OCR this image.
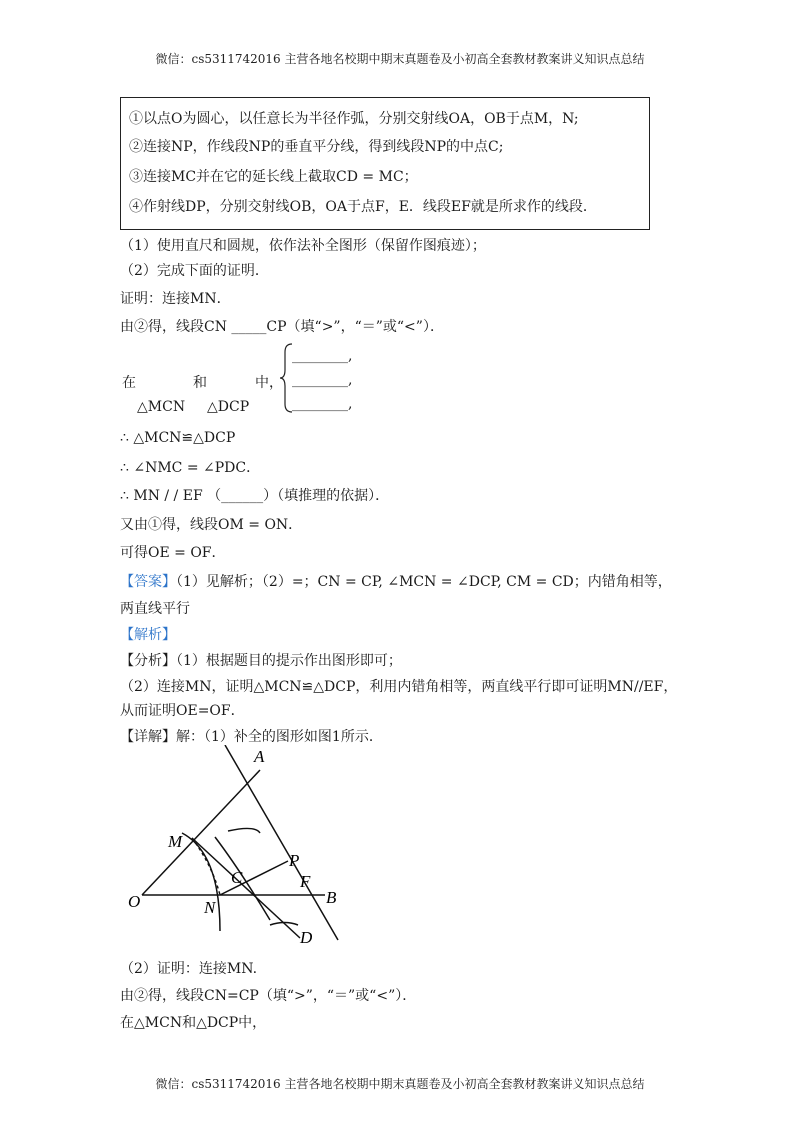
微信：cs5311742016 主营各地名校期中期末真题卷及小初高全套教材教案讲义知识点总结
①以点O为圆心，以任意长为半径作弧，分别交射线OA，OB于点M，N;
②连接NP，作线段NP的垂直平分线，得到线段NP的中点C;
③连接MC并在它的延长线上截取CD = MC；
④作射线DP，分别交射线OB，OA于点F，E．线段EF就是所求作的线段．
（1）使用直尺和圆规，依作法补全图形（保留作图痕迹）；
（2）完成下面的证明．
证明：连接MN．
由②得，线段CN _____CP（填“>”，“＝”或“<”）．
在	和	中，
△MCN △DCP
________,
________,
________,
∴ △MCN≌△DCP
∴ ∠NMC = ∠PDC．
∴ MN / / EF （______）（填推理的依据）．
又由①得，线段OM = ON．
可得OE = OF．
【答案】（1）见解析；（2）=；CN = CP, ∠MCN = ∠DCP, CM = CD；内错角相等，
两直线平行
【解析】
【分析】（1）根据题目的提示作出图形即可；
（2）连接MN，证明△MCN≌△DCP，利用内错角相等，两直线平行即可证明MN//EF，
从而证明OE=OF．
【详解】解：（1）补全的图形如图1所示．
A
M
P
C	F
O	N
B
D
（2）证明：连接MN.
由②得，线段CN=CP（填“>”，“＝”或“<”）．
在△MCN和△DCP中，
微信：cs5311742016 主营各地名校期中期末真题卷及小初高全套教材教案讲义知识点总结
